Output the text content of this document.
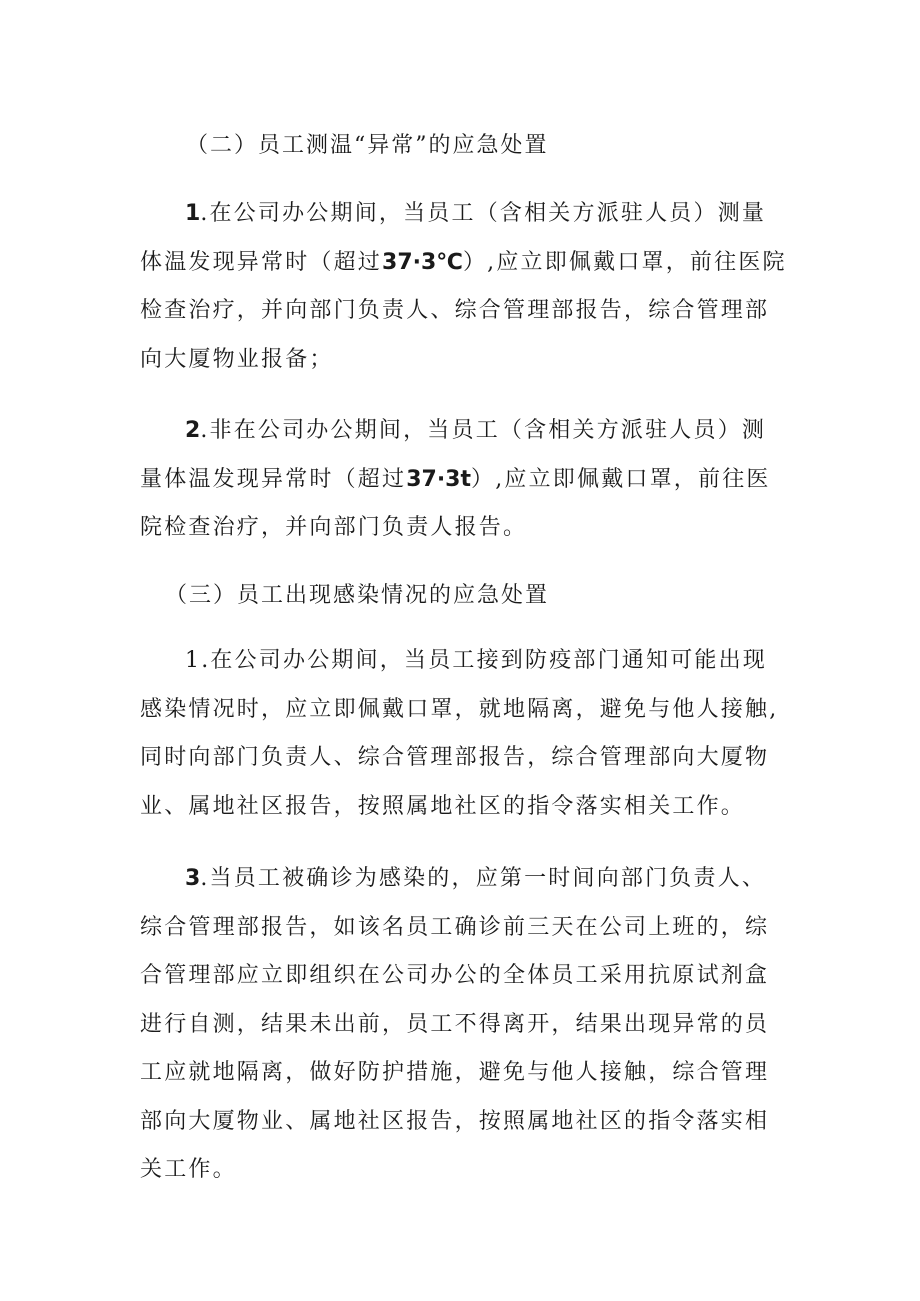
（二）员工测温“异常”的应急处置

1.在公司办公期间，当员工（含相关方派驻人员）测量体温发现异常时（超过37·3℃）,应立即佩戴口罩，前往医院检查治疗，并向部门负责人、综合管理部报告，综合管理部向大厦物业报备；

2.非在公司办公期间，当员工（含相关方派驻人员）测量体温发现异常时（超过37·3t）,应立即佩戴口罩，前往医院检查治疗，并向部门负责人报告。

（三）员工出现感染情况的应急处置

1.在公司办公期间，当员工接到防疫部门通知可能出现感染情况时，应立即佩戴口罩，就地隔离，避免与他人接触,同时向部门负责人、综合管理部报告，综合管理部向大厦物业、属地社区报告，按照属地社区的指令落实相关工作。

3.当员工被确诊为感染的，应第一时间向部门负责人、综合管理部报告，如该名员工确诊前三天在公司上班的，综合管理部应立即组织在公司办公的全体员工采用抗原试剂盒进行自测，结果未出前，员工不得离开，结果出现异常的员工应就地隔离，做好防护措施，避免与他人接触，综合管理部向大厦物业、属地社区报告，按照属地社区的指令落实相关工作。
